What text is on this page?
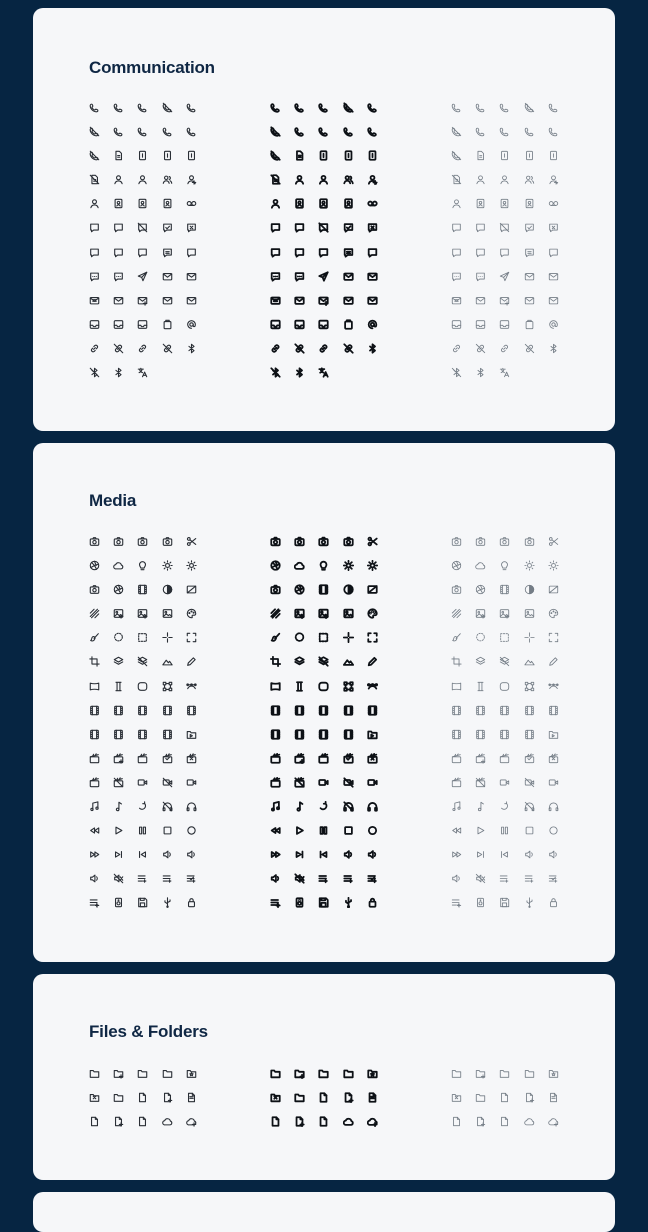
Communication
Media
Files & Folders
